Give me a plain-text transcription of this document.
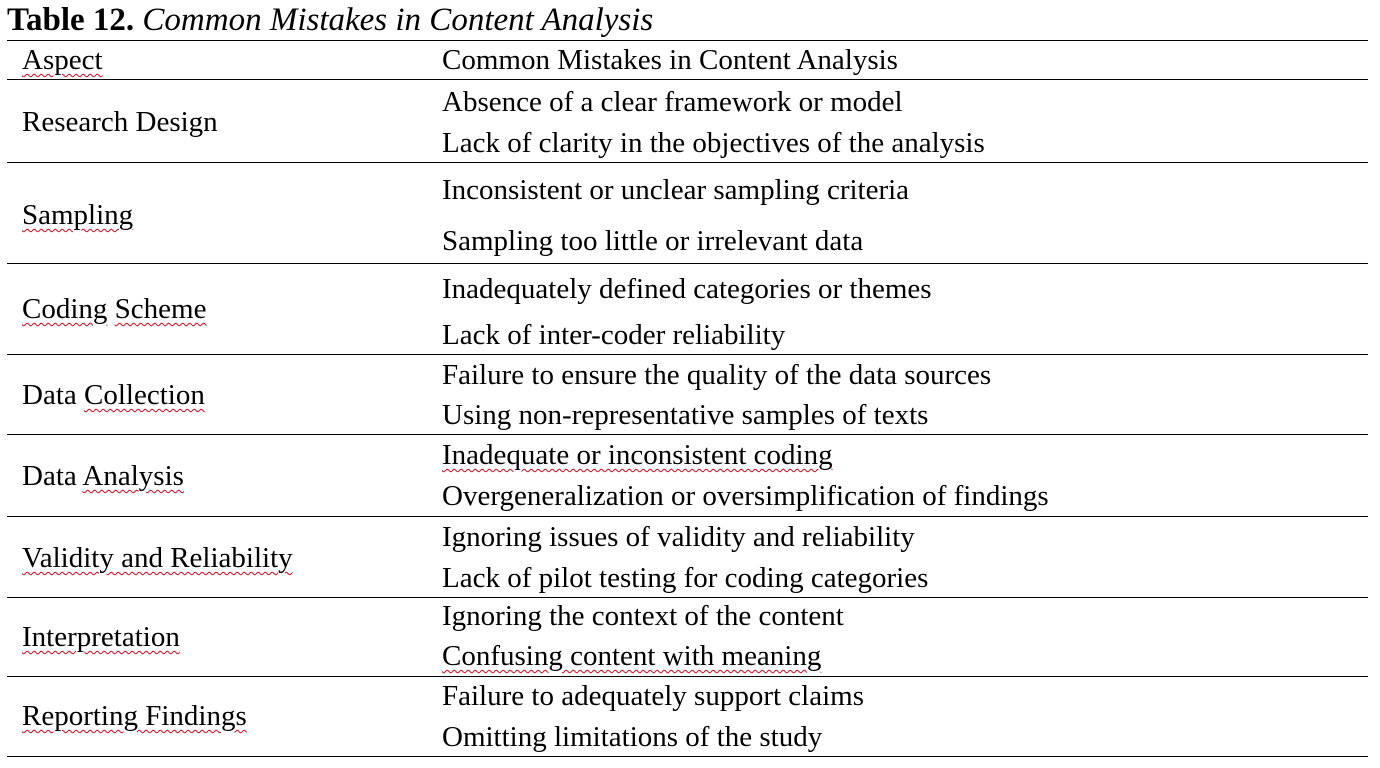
Table 12. Common Mistakes in Content Analysis
Aspect	Common Mistakes in Content Analysis
Research Design
Absence of a clear framework or model
Lack of clarity in the objectives of the analysis
Sampling
Inconsistent or unclear sampling criteria
Sampling too little or irrelevant data
Coding Scheme
Inadequately defined categories or themes
Lack of inter-coder reliability
Data Collection
Failure to ensure the quality of the data sources
Using non-representative samples of texts
Data Analysis
Inadequate or inconsistent coding
Overgeneralization or oversimplification of findings
Validity and Reliability
Ignoring issues of validity and reliability
Lack of pilot testing for coding categories
Interpretation
Ignoring the context of the content
Confusing content with meaning
Reporting Findings
Failure to adequately support claims
Omitting limitations of the study
